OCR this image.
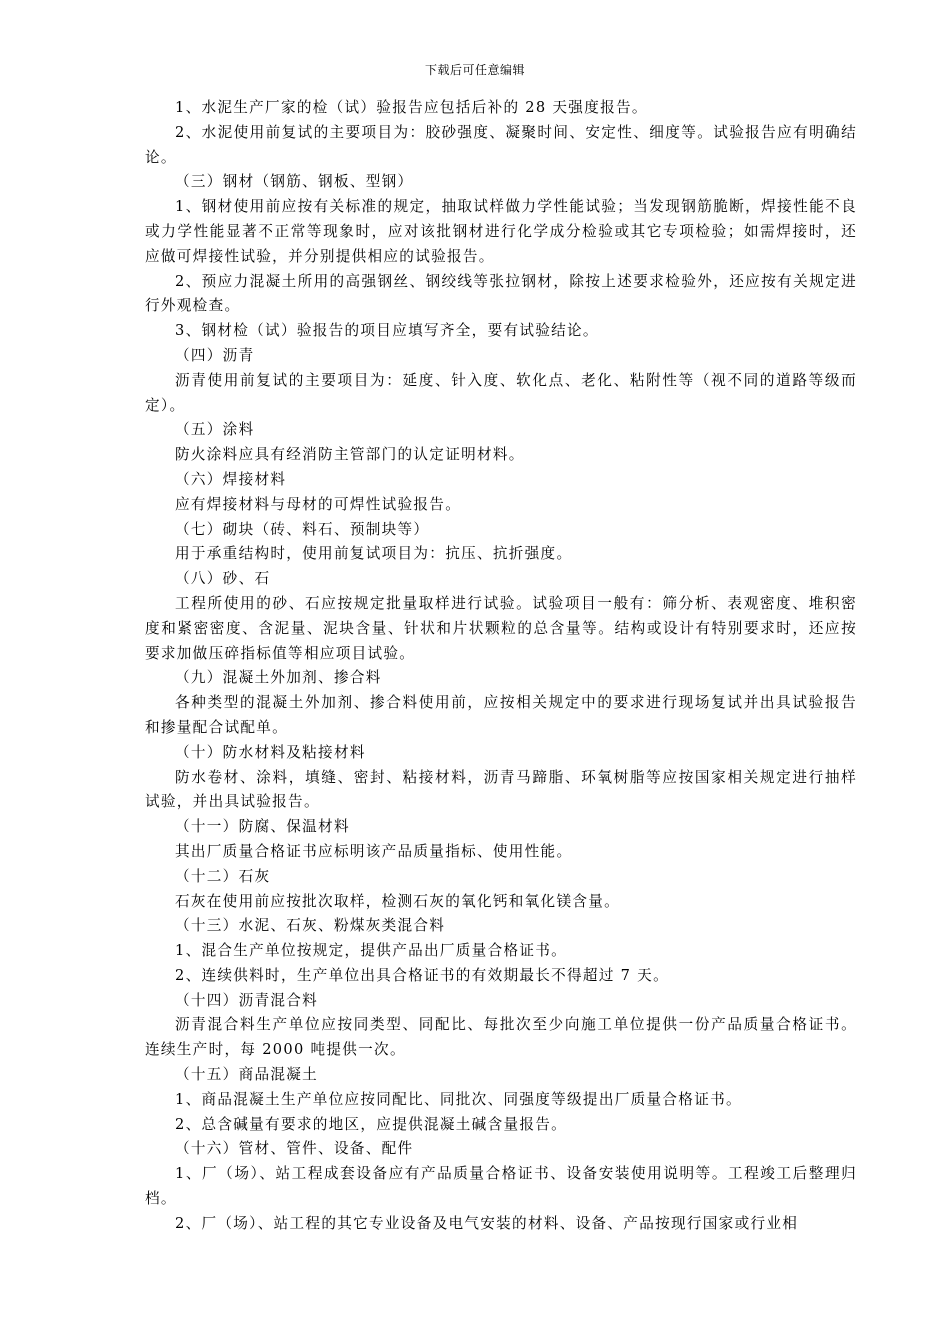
下载后可任意编辑

1、水泥生产厂家的检（试）验报告应包括后补的 28 天强度报告。

2、水泥使用前复试的主要项目为：胶砂强度、凝聚时间、安定性、细度等。试验报告应有明确结论。

（三）钢材（钢筋、钢板、型钢）

1、钢材使用前应按有关标准的规定，抽取试样做力学性能试验；当发现钢筋脆断，焊接性能不良或力学性能显著不正常等现象时，应对该批钢材进行化学成分检验或其它专项检验；如需焊接时，还应做可焊接性试验，并分别提供相应的试验报告。

2、预应力混凝土所用的高强钢丝、钢绞线等张拉钢材，除按上述要求检验外，还应按有关规定进行外观检查。

3、钢材检（试）验报告的项目应填写齐全，要有试验结论。

（四）沥青

沥青使用前复试的主要项目为：延度、针入度、软化点、老化、粘附性等（视不同的道路等级而定）。

（五）涂料

防火涂料应具有经消防主管部门的认定证明材料。

（六）焊接材料

应有焊接材料与母材的可焊性试验报告。

（七）砌块（砖、料石、预制块等）

用于承重结构时，使用前复试项目为：抗压、抗折强度。

（八）砂、石

工程所使用的砂、石应按规定批量取样进行试验。试验项目一般有：筛分析、表观密度、堆积密度和紧密密度、含泥量、泥块含量、针状和片状颗粒的总含量等。结构或设计有特别要求时，还应按要求加做压碎指标值等相应项目试验。

（九）混凝土外加剂、掺合料

各种类型的混凝土外加剂、掺合料使用前，应按相关规定中的要求进行现场复试并出具试验报告和掺量配合试配单。

（十）防水材料及粘接材料

防水卷材、涂料，填缝、密封、粘接材料，沥青马蹄脂、环氧树脂等应按国家相关规定进行抽样试验，并出具试验报告。

（十一）防腐、保温材料

其出厂质量合格证书应标明该产品质量指标、使用性能。

（十二）石灰

石灰在使用前应按批次取样，检测石灰的氧化钙和氧化镁含量。

（十三）水泥、石灰、粉煤灰类混合料

1、混合生产单位按规定，提供产品出厂质量合格证书。

2、连续供料时，生产单位出具合格证书的有效期最长不得超过 7 天。

（十四）沥青混合料

沥青混合料生产单位应按同类型、同配比、每批次至少向施工单位提供一份产品质量合格证书。连续生产时，每 2000 吨提供一次。

（十五）商品混凝土

1、商品混凝土生产单位应按同配比、同批次、同强度等级提出厂质量合格证书。

2、总含碱量有要求的地区，应提供混凝土碱含量报告。

（十六）管材、管件、设备、配件

1、厂（场）、站工程成套设备应有产品质量合格证书、设备安装使用说明等。工程竣工后整理归档。

2、厂（场）、站工程的其它专业设备及电气安装的材料、设备、产品按现行国家或行业相
